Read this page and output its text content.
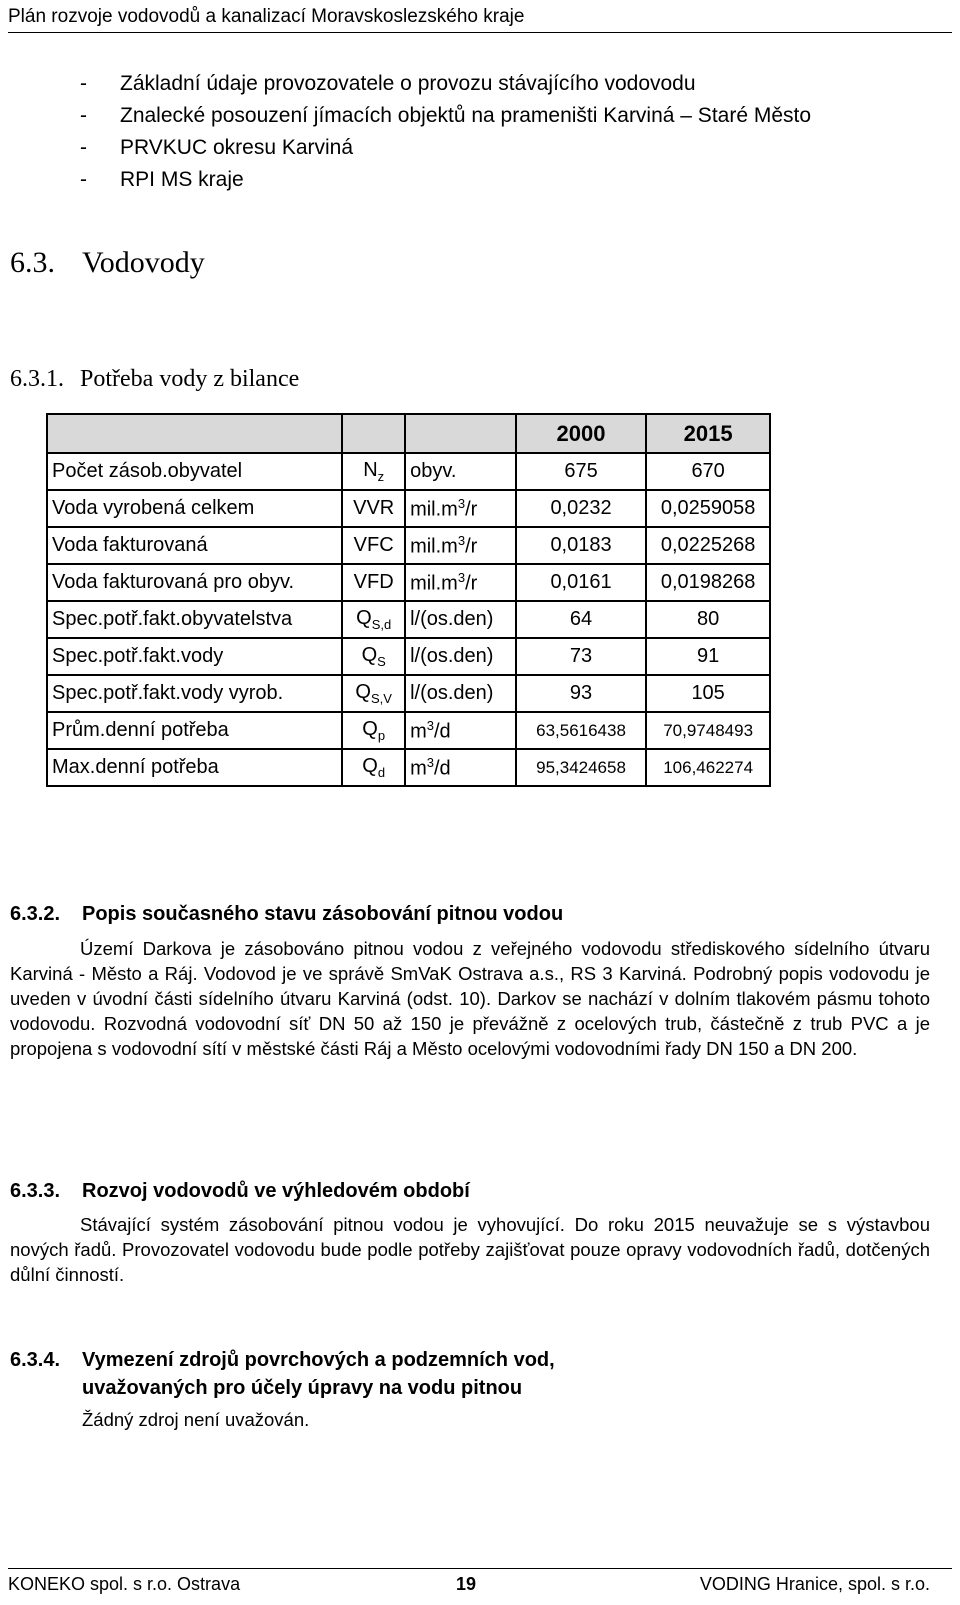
Plán rozvoje vodovodů a kanalizací Moravskoslezského kraje
- Základní údaje provozovatele o provozu stávajícího vodovodu
- Znalecké posouzení jímacích objektů na prameništi Karviná – Staré Město
- PRVKUC okresu Karviná
- RPI MS kraje
6.3. Vodovody
6.3.1. Potřeba vody z bilance
			2000	2015
Počet zásob.obyvatel	$N_z$	obyv.	675	670
Voda vyrobená celkem	VVR	$mil.m^3/r$	0,0232	0,0259058
Voda fakturovaná	VFC	$mil.m^3/r$	0,0183	0,0225268
Voda fakturovaná pro obyv.	VFD	$mil.m^3/r$	0,0161	0,0198268
Spec.potř.fakt.obyvatelstva	$Q_{S,d}$	l/(os.den)	64	80
Spec.potř.fakt.vody	$Q_S$	l/(os.den)	73	91
Spec.potř.fakt.vody vyrob.	$Q_{S,V}$	l/(os.den)	93	105
Prům.denní potřeba	$Q_p$	$m^3/d$	63,5616438	70,9748493
Max.denní potřeba	$Q_d$	$m^3/d$	95,3424658	106,462274
6.3.2. Popis současného stavu zásobování pitnou vodou
Území Darkova je zásobováno pitnou vodou z veřejného vodovodu střediskového sídelního útvaru Karviná - Město a Ráj. Vodovod je ve správě SmVaK Ostrava a.s., RS 3 Karviná. Podrobný popis vodovodu je uveden v úvodní části sídelního útvaru Karviná (odst. 10). Darkov se nachází v dolním tlakovém pásmu tohoto vodovodu. Rozvodná vodovodní síť DN 50 až 150 je převážně z ocelových trub, částečně z trub PVC a je propojena s vodovodní sítí v městské části Ráj a Město ocelovými vodovodními řady DN 150 a DN 200.
6.3.3. Rozvoj vodovodů ve výhledovém období
Stávající systém zásobování pitnou vodou je vyhovující. Do roku 2015 neuvažuje se s výstavbou nových řadů. Provozovatel vodovodu bude podle potřeby zajišťovat pouze opravy vodovodních řadů, dotčených důlní činností.
6.3.4. Vymezení zdrojů povrchových a podzemních vod,
uvažovaných pro účely úpravy na vodu pitnou
Žádný zdroj není uvažován.
KONEKO spol. s r.o. Ostrava	19	VODING Hranice, spol. s r.o.
